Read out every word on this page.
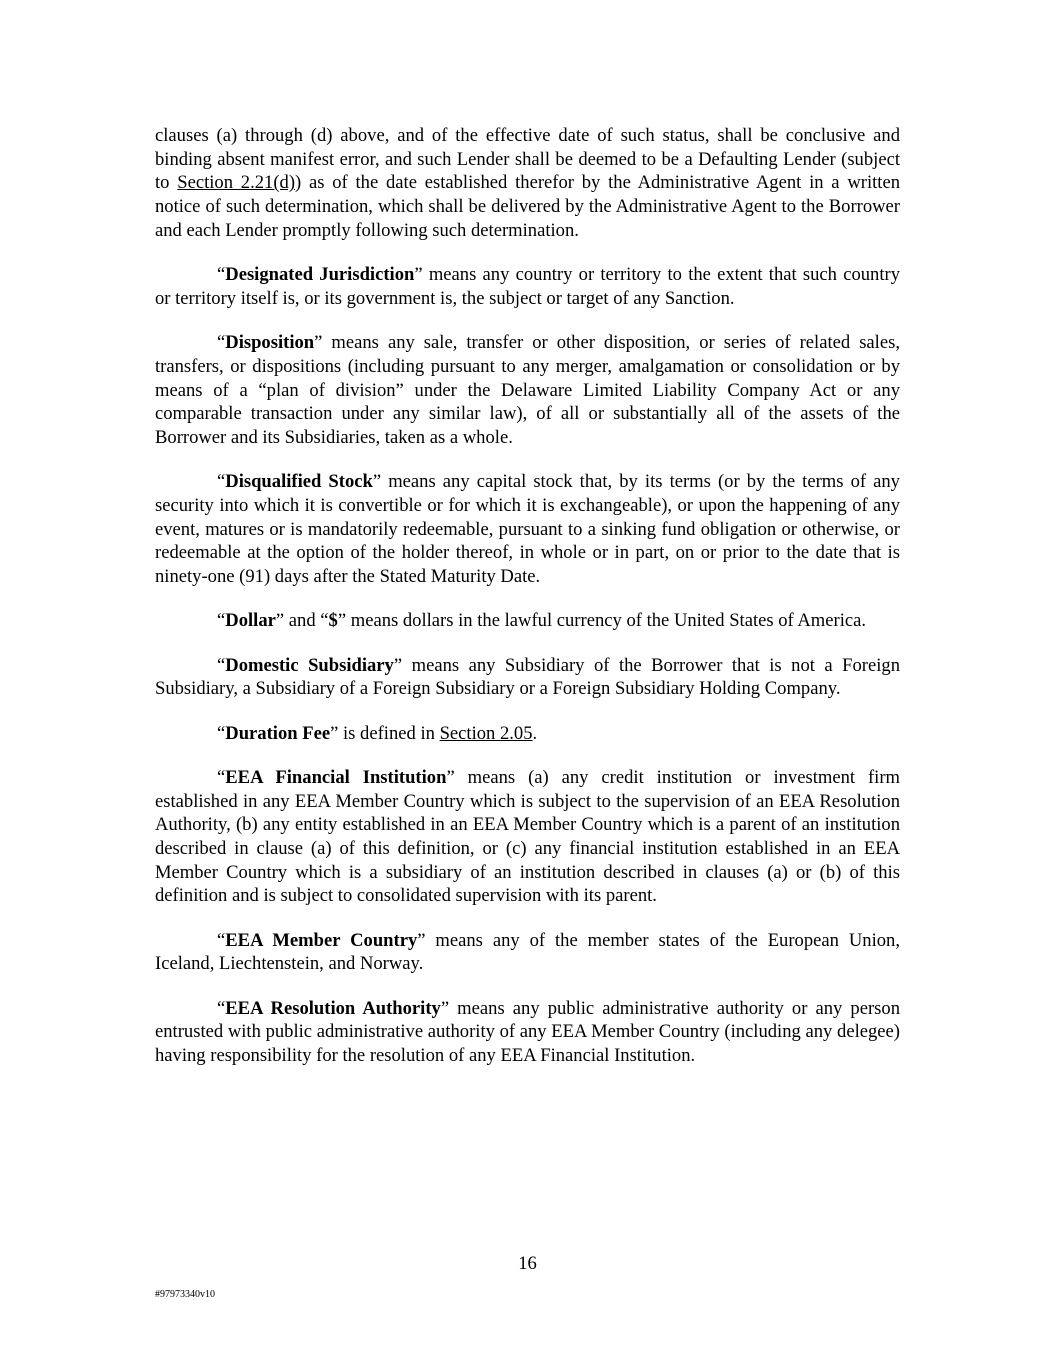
clauses (a) through (d) above, and of the effective date of such status, shall be conclusive and binding absent manifest error, and such Lender shall be deemed to be a Defaulting Lender (subject to Section 2.21(d)) as of the date established therefor by the Administrative Agent in a written notice of such determination, which shall be delivered by the Administrative Agent to the Borrower and each Lender promptly following such determination.

“Designated Jurisdiction” means any country or territory to the extent that such country or territory itself is, or its government is, the subject or target of any Sanction.

“Disposition” means any sale, transfer or other disposition, or series of related sales, transfers, or dispositions (including pursuant to any merger, amalgamation or consolidation or by means of a “plan of division” under the Delaware Limited Liability Company Act or any comparable transaction under any similar law), of all or substantially all of the assets of the Borrower and its Subsidiaries, taken as a whole.

“Disqualified Stock” means any capital stock that, by its terms (or by the terms of any security into which it is convertible or for which it is exchangeable), or upon the happening of any event, matures or is mandatorily redeemable, pursuant to a sinking fund obligation or otherwise, or redeemable at the option of the holder thereof, in whole or in part, on or prior to the date that is ninety-one (91) days after the Stated Maturity Date.

“Dollar” and “$” means dollars in the lawful currency of the United States of America.

“Domestic Subsidiary” means any Subsidiary of the Borrower that is not a Foreign Subsidiary, a Subsidiary of a Foreign Subsidiary or a Foreign Subsidiary Holding Company.

“Duration Fee” is defined in Section 2.05.

“EEA Financial Institution” means (a) any credit institution or investment firm established in any EEA Member Country which is subject to the supervision of an EEA Resolution Authority, (b) any entity established in an EEA Member Country which is a parent of an institution described in clause (a) of this definition, or (c) any financial institution established in an EEA Member Country which is a subsidiary of an institution described in clauses (a) or (b) of this definition and is subject to consolidated supervision with its parent.

“EEA Member Country” means any of the member states of the European Union, Iceland, Liechtenstein, and Norway.

“EEA Resolution Authority” means any public administrative authority or any person entrusted with public administrative authority of any EEA Member Country (including any delegee) having responsibility for the resolution of any EEA Financial Institution.

16
#97973340v10
